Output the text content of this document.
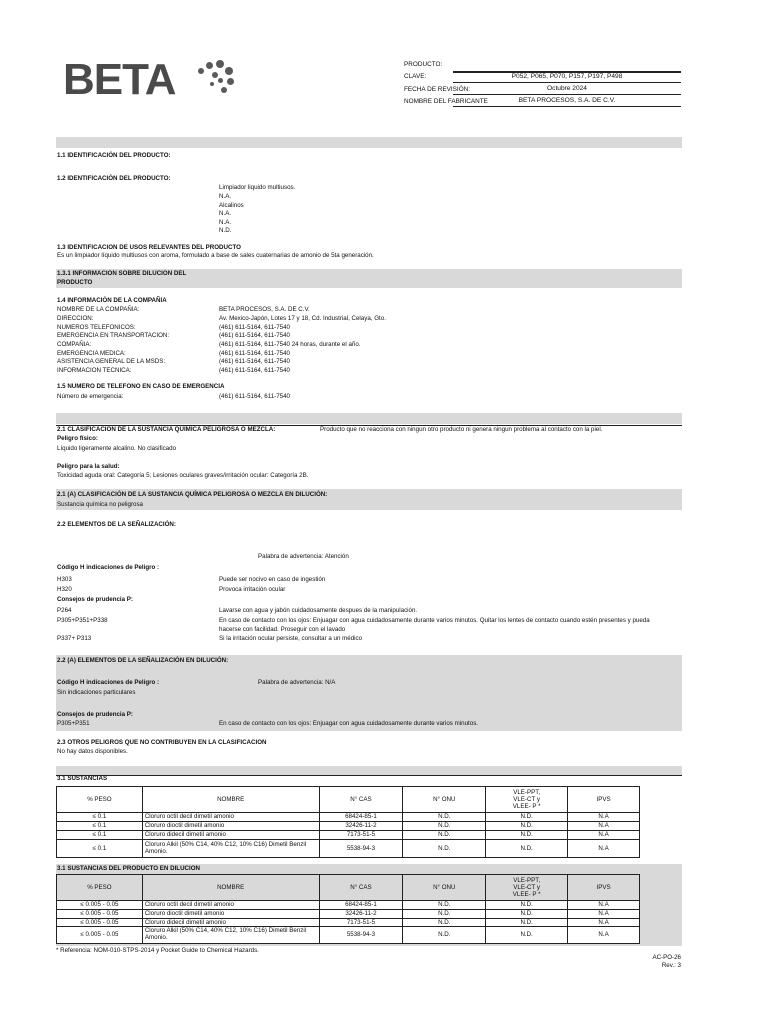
BETA	PRODUCTO:
CLAVE:	P052, P065, P070, P157, P197, P498
FECHA DE REVISIÓN:	Octubre 2024
NOMBRE DEL FABRICANTE	BETA PROCESOS, S.A. DE C.V.
1.1 IDENTIFICACIÓN DEL PRODUCTO:
1.2 IDENTIFICACIÓN DEL PRODUCTO:
Limpiador liquido multiusos.
N.A.
Alcalinos
N.A.
N.A.
N.D.
1.3 IDENTIFICACION DE USOS RELEVANTES DEL PRODUCTO
Es un limpiador líquido multiusos con aroma, formulado a base de sales cuaternarias de amonio de 5ta generación.
1.3.1 INFORMACION SOBRE DILUCION DEL
PRODUCTO
1.4 INFORMACIÓN DE LA COMPAÑIA
NOMBRE DE LA COMPAÑIA:	BETA PROCESOS, S.A. DE C.V.
DIRECCION:	Av. Mexico-Japón, Lotes 17 y 18, Cd. Industrial, Celaya, Gto.
NUMEROS TELEFONICOS:	(461) 611-5164, 611-7540
EMERGENCIA EN TRANSPORTACION:	(461) 611-5164, 611-7540
COMPAÑIA:	(461) 611-5164, 611-7540 24 horas, durante el año.
EMERGENCIA MEDICA:	(461) 611-5164, 611-7540
ASISTENCIA GENERAL DE LA MSDS:	(461) 611-5164, 611-7540
INFORMACION TECNICA:	(461) 611-5164, 611-7540
1.5 NUMERO DE TELEFONO EN CASO DE EMERGENCIA
Número de emergencia:	(461) 611-5164, 611-7540
2.1 CLASIFICACION DE LA SUSTANCIA QUIMICA PELIGROSA O MEZCLA:	Producto que no reacciona con ningun otro producto ni genera ningun problema al contacto con la piel.
Peligro físico:
Líquido ligeramente alcalino. No clasificado
Peligro para la salud:
Toxicidad aguda oral: Categoría 5; Lesiones oculares graves/irritación ocular: Categoría 2B.
2.1 (A) CLASIFICACIÓN DE LA SUSTANCIA QUÍMICA PELIGROSA O MEZCLA EN DILUCIÓN:
Sustancia química no peligrosa
2.2 ELEMENTOS DE LA SEÑALIZACIÓN:
Palabra de advertencia: Atención
Código H indicaciones de Peligro :
H303	Puede ser nocivo en caso de ingestión
H320	Provoca irritación ocular
Consejos de prudencia P:
P264	Lavarse con agua y jabón cuidadosamente despues de la manipulación.
P305+P351+P338	En caso de contacto con los ojos: Enjuagar con agua cuidadosamente durante varios minutos. Quitar los lentes de contacto cuando estén presentes y pueda
hacerse con facilidad. Proseguir con el lavado
P337+ P313	Si la irritación ocular persiste, consultar a un médico
2.2 (A) ELEMENTOS DE LA SEÑALIZACIÓN EN DILUCIÓN:
Código H indicaciones de Peligro :	Palabra de advertencia: N/A
Sin indicaciones particulares
Consejos de prudencia P:
P305+P351	En caso de contacto con los ojos: Enjuagar con agua cuidadosamente durante varios minutos.
2.3 OTROS PELIGROS QUE NO CONTRIBUYEN EN LA CLASIFICACION
No hay datos disponibles.
3.1 SUSTANCIAS
% PESO	NOMBRE	N° CAS	N° ONU	VLE-PPT,
VLE-CT y
VLEE- P *	IPVS
≤ 0.1	Cloruro octil decil dimetil amonio	68424-85-1	N.D.	N.D.	N.A
≤ 0.1	Cloruro dioctil dimetil amonio	32426-11-2	N.D.	N.D.	N.A
≤ 0.1	Cloruro didecil dimetil amonio	7173-51-5	N.D.	N.D.	N.A
≤ 0.1	Cloruro Alkil (50% C14, 40% C12, 10% C16) Dimetil Benzil Amonio.	5538-94-3	N.D.	N.D.	N.A
3.1 SUSTANCIAS DEL PRODUCTO EN DILUCION
% PESO	NOMBRE	N° CAS	N° ONU	VLE-PPT,
VLE-CT y
VLEE- P *	IPVS
≤ 0.005 - 0.05	Cloruro octil decil dimetil amonio	68424-85-1	N.D.	N.D.	N.A
≤ 0.005 - 0.05	Cloruro dioctil dimetil amonio	32426-11-2	N.D.	N.D.	N.A
≤ 0.005 - 0.05	Cloruro didecil dimetil amonio	7173-51-5	N.D.	N.D.	N.A
≤ 0.005 - 0.05	Cloruro Alkil (50% C14, 40% C12, 10% C16) Dimetil Benzil Amonio.	5538-94-3	N.D.	N.D.	N.A
* Referencia: NOM-010-STPS-2014 y Pocket Guide to Chemical Hazards.
AC-PO-26
Rev.: 3
